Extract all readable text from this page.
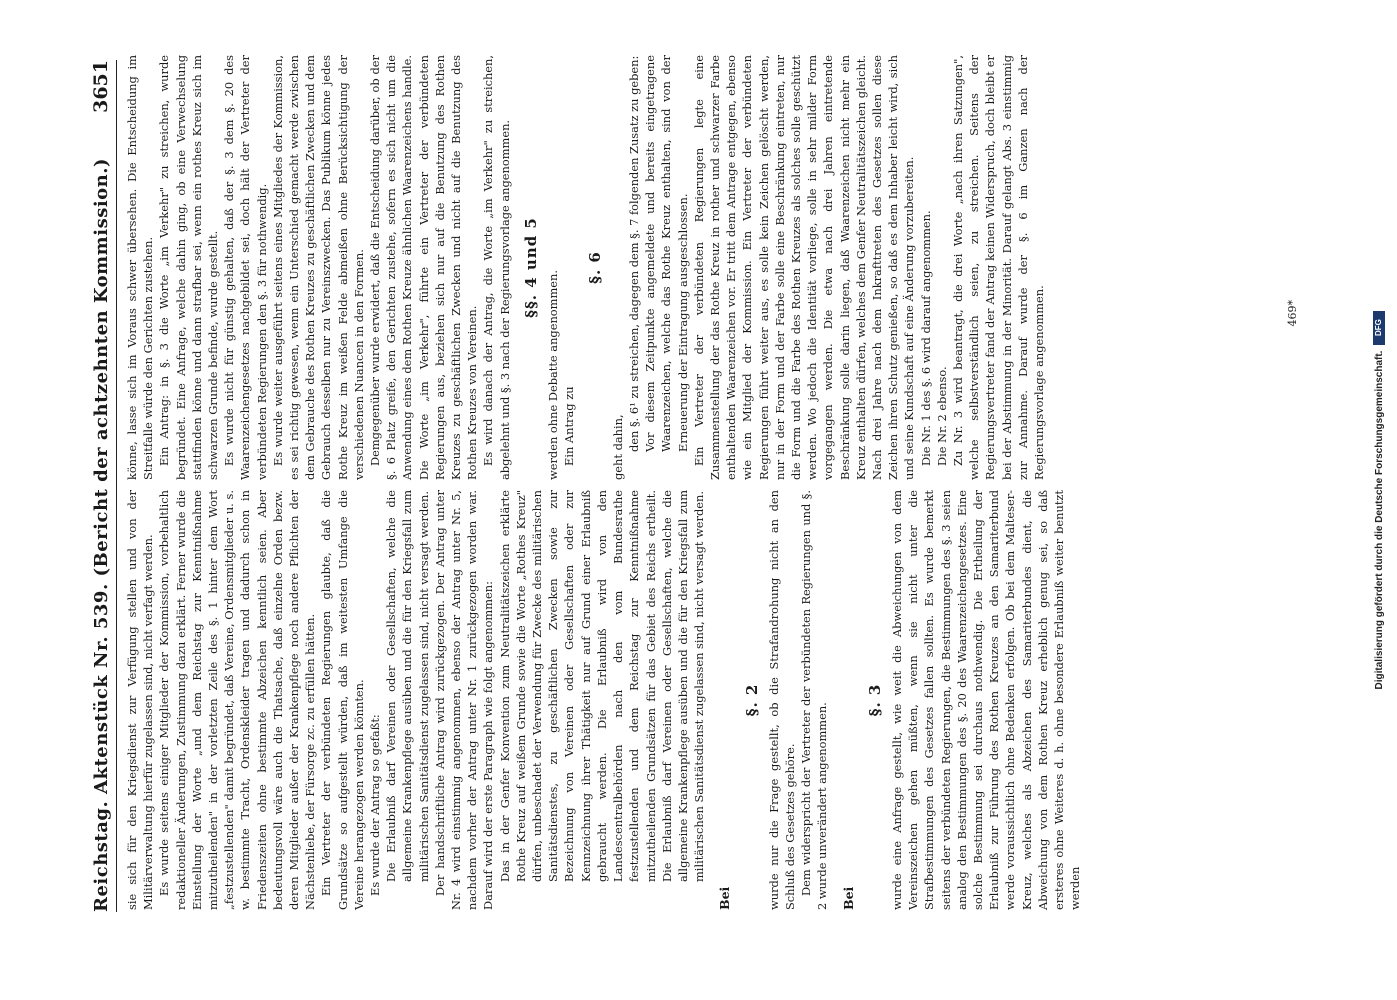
Reichstag. Aktenstück Nr. 539. (Bericht der achtzehnten Kommission.)
3651

sie sich für den Kriegsdienst zur Verfügung stellen und von der Militärverwaltung hierfür zugelassen sind, nicht verfagt werden. Es wurde seitens einiger Mitglieder der Kommission, vorbehaltlich redaktioneller Änderungen, Zustimmung dazu erklärt. Ferner wurde die Einstellung der Worte „und dem Reichstag zur Kenntnißnahme mitzutheilenden" in der vorletzten Zeile des §. 1 hinter dem Wort „festzustellenden" damit begründet, daß Vereine, Ordensmitglieder u. s. w. bestimmte Tracht, Ordenskleider tragen und dadurch schon in Friedenszeiten ohne bestimmte Abzeichen kenntlich seien. Aber bedeutungsvoll wäre auch die Thatsache, daß einzelne Orden bezw. deren Mitglieder außer der Krankenpflege noch andere Pflichten der Nächstenliebe, der Fürsorge zc. zu erfüllen hätten. Ein Vertreter der verbündeten Regierungen glaubte, daß die Grundsätze so aufgestellt würden, daß im weitesten Umfange die Vereine herangezogen werden könnten. Es wurde der Antrag so gefaßt: Die Erlaubniß darf Vereinen oder Gesellschaften, welche die allgemeine Krankenpflege ausüben und die für den Kriegsfall zum militärischen Sanitätsdienst zugelassen sind, nicht versagt werden. Der handschriftliche Antrag wird zurückgezogen. Der Antrag unter Nr. 4 wird einstimmig angenommen, ebenso der Antrag unter Nr. 5, nachdem vorher der Antrag unter Nr. 1 zurückgezogen worden war. Darauf wird der erste Paragraph wie folgt angenommen: Das in der Genfer Konvention zum Neutralitätszeichen erklärte Rothe Kreuz auf weißem Grunde sowie die Worte „Rothes Kreuz" dürfen, unbeschadet der Verwendung für Zwecke des militärischen Sanitätsdienstes, zu geschäftlichen Zwecken sowie zur Bezeichnung von Vereinen oder Gesellschaften oder zur Kennzeichnung ihrer Thätigkeit nur auf Grund einer Erlaubniß gebraucht werden. Die Erlaubniß wird von den Landescentralbehörden nach den vom Bundesrathe festzustellenden und dem Reichstag zur Kenntnißnahme mitzutheilenden Grundsätzen für das Gebiet des Reichs ertheilt. Die Erlaubniß darf Vereinen oder Gesellschaften, welche die allgemeine Krankenpflege ausüben und die für den Kriegsfall zum militärischen Sanitätsdienst zugelassen sind, nicht versagt werden.

Bei
§. 2 wurde nur die Frage gestellt, ob die Strafandrohung nicht an den Schluß des Gesetzes gehöre. Dem widerspricht der Vertreter der verbündeten Regierungen und §. 2 wurde unverändert angenommen. Bei
§. 3 wurde eine Anfrage gestellt, wie weit die Abweichungen von dem Vereinszeichen gehen müßten, wenn sie nicht unter die Strafbestimmungen des Gesetzes fallen sollten. Es wurde bemerkt seitens der verbündeten Regierungen, die Bestimmungen des §. 3 seien analog den Bestimmungen des §. 20 des Waarenzeichengesetzes. Eine solche Bestimmung sei durchaus nothwendig. Die Ertheilung der Erlaubniß zur Führung des Rothen Kreuzes an den Samariterbund werde voraussichtlich ohne Bedenken erfolgen. Ob bei dem Malteser-Kreuz, welches als Abzeichen des Samariterbundes dient, die Abweichung von dem Rothen Kreuz erheblich genug sei, so daß ersteres ohne Weiteres d. h. ohne besondere Erlaubniß weiter benutzt werden

könne, lasse sich im Voraus schwer übersehen. Die Entscheidung im Streitfalle würde den Gerichten zustehen. Ein Antrag: in §. 3 die Worte „im Verkehr" zu streichen, wurde begründet. Eine Anfrage, welche dahin ging, ob eine Verwechselung stattfinden könne und dann strafbar sei, wenn ein rothes Kreuz sich im schwarzen Grunde befinde, wurde gestellt. Es wurde nicht für günstig gehalten, daß der §. 3 dem §. 20 des Waarenzeichengesetzes nachgebildet sei, doch hält der Vertreter der verbündeten Regierungen den §. 3 für nothwendig. Es wurde weiter ausgeführt seitens eines Mitgliedes der Kommission, es sei richtig gewesen, wenn ein Unterschied gemacht werde zwischen dem Gebrauche des Rothen Kreuzes zu geschäftlichen Zwecken und dem Gebrauch desselben nur zu Vereinszwecken. Das Publikum könne jedes Rothe Kreuz im weißen Felde abmeißen ohne Berücksichtigung der verschiedenen Nuancen in den Formen. Demgegenüber wurde erwidert, daß die Entscheidung darüber, ob der §. 6 Platz greife, den Gerichten zustehe, sofern es sich nicht um die Anwendung eines dem Rothen Kreuze ähnlichen Waarenzeichens handle. Die Worte „im Verkehr", führte ein Vertreter der verbündeten Regierungen aus, beziehen sich nur auf die Benutzung des Rothen Kreuzes zu geschäftlichen Zwecken und nicht auf die Benutzung des Rothen Kreuzes von Vereinen. Es wird danach der Antrag, die Worte „im Verkehr" zu streichen, abgelehnt und §. 3 nach der Regierungsvorlage angenommen. §§. 4 und 5

werden ohne Debatte angenommen. Ein Antrag zu

§. 6

geht dahin, den §. 6¹ zu streichen, dagegen dem §. 7 folgenden Zusatz zu geben: Vor diesem Zeitpunkte angemeldete und bereits eingetragene Waarenzeichen, welche das Rothe Kreuz enthalten, sind von der Erneuerung der Eintragung ausgeschlossen. Ein Vertreter der verbündeten Regierungen legte eine Zusammenstellung der das Rothe Kreuz in rother und schwarzer Farbe enthaltenden Waarenzeichen vor. Er tritt dem Antrage entgegen, ebenso wie ein Mitglied der Kommission. Ein Vertreter der verbündeten Regierungen führt weiter aus, es solle kein Zeichen gelöscht werden, nur in der Form und der Farbe solle eine Beschränkung eintreten, nur die Form und die Farbe des Rothen Kreuzes als solches solle geschützt werden. Wo jedoch die Identität vorliege, solle in sehr milder Form vorgegangen werden. Die etwa nach drei Jahren eintretende Beschränkung solle darin liegen, daß Waarenzeichen nicht mehr ein Kreuz enthalten dürfen, welches dem Genfer Neutralitätszeichen gleicht. Nach drei Jahre nach dem Inkrafttreten des Gesetzes sollen diese Zeichen ihren Schutz genießen, so daß es dem Inhaber leicht wird, sich und seine Kundschaft auf eine Änderung vorzubereiten. Die Nr. 1 des §. 6 wird darauf angenommen. Die Nr. 2 ebenso. Zu Nr. 3 wird beantragt, die drei Worte „nach ihren Satzungen", welche selbstverständlich seien, zu streichen. Seitens der Regierungsvertreter fand der Antrag keinen Widerspruch, doch bleibt er bei der Abstimmung in der Minorität. Darauf gelangt Abs. 3 einstimmig zur Annahme. Darauf wurde der §. 6 im Ganzen nach der Regierungsvorlage angenommen.	469*
Digitalisierung gefördert durch die Deutsche Forschungsgemeinschaft.
DFG
